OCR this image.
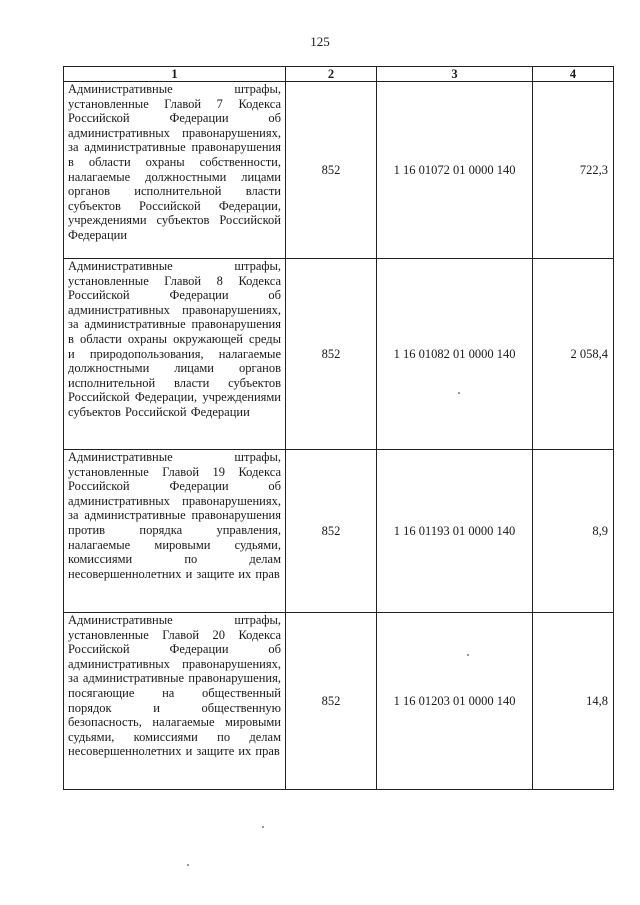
125
1	2	3	4

Административные штрафы, установленные Главой 7 Кодекса Российской Федерации об административных правонарушениях, за административные правонарушения в области охраны собственности, налагаемые должностными лицами органов исполнительной власти субъектов Российской Федерации, учреждениями субъектов Российской Федерации	852	1 16 01072 01 0000 140	722,3

Административные штрафы, установленные Главой 8 Кодекса Российской Федерации об административных правонарушениях, за административные правонарушения в области охраны окружающей среды и природопользования, налагаемые должностными лицами органов исполнительной власти субъектов Российской Федерации, учреждениями субъектов Российской Федерации	852	1 16 01082 01 0000 140	2 058,4

Административные штрафы, установленные Главой 19 Кодекса Российской Федерации об административных правонарушениях, за административные правонарушения против порядка управления, налагаемые мировыми судьями, комиссиями по делам несовершеннолетних и защите их прав	852	1 16 01193 01 0000 140	8,9

Административные штрафы, установленные Главой 20 Кодекса Российской Федерации об административных правонарушениях, за административные правонарушения, посягающие на общественный порядок и общественную безопасность, налагаемые мировыми судьями, комиссиями по делам несовершеннолетних и защите их прав	852	1 16 01203 01 0000 140	14,8
